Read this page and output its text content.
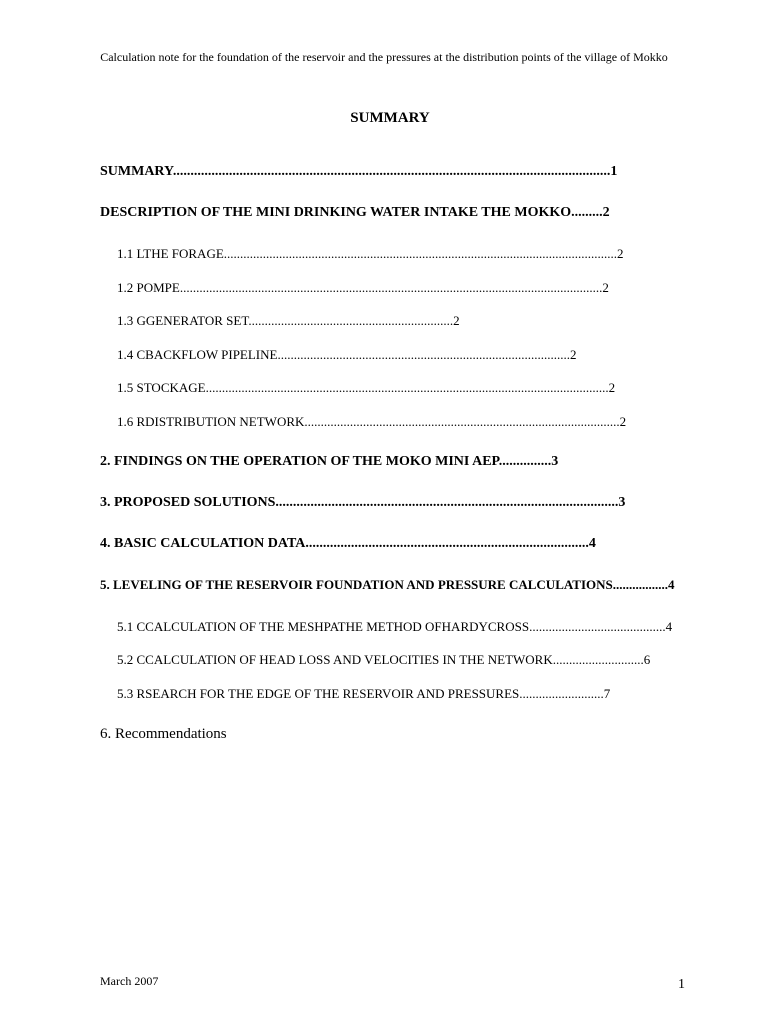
Calculation note for the foundation of the reservoir and the pressures at the distribution points of the village of Mokko
SUMMARY
SUMMARY.............................................................................................................................1
DESCRIPTION OF THE MINI DRINKING WATER INTAKE THE MOKKO.........2
1.1 LTHE FORAGE.........................................................................................................................2
1.2 POMPE..................................................................................................................................2
1.3 GGENERATOR SET...............................................................2
1.4 CBACKFLOW PIPELINE..........................................................................................2
1.5 STOCKAGE............................................................................................................................2
1.6 RDISTRIBUTION NETWORK.................................................................................................2
2. FINDINGS ON THE OPERATION OF THE MOKO MINI AEP...............3
3. PROPOSED SOLUTIONS..................................................................................................3
4. BASIC CALCULATION DATA.................................................................................4
5. LEVELING OF THE RESERVOIR FOUNDATION AND PRESSURE CALCULATIONS.................4
5.1 CCALCULATION OF THE MESHPATHE METHOD OFHARDYCROSS..........................................4
5.2 CCALCULATION OF HEAD LOSS AND VELOCITIES IN THE NETWORK............................6
5.3 RSEARCH FOR THE EDGE OF THE RESERVOIR AND PRESSURES..........................7
6. Recommendations
March 2007	1
